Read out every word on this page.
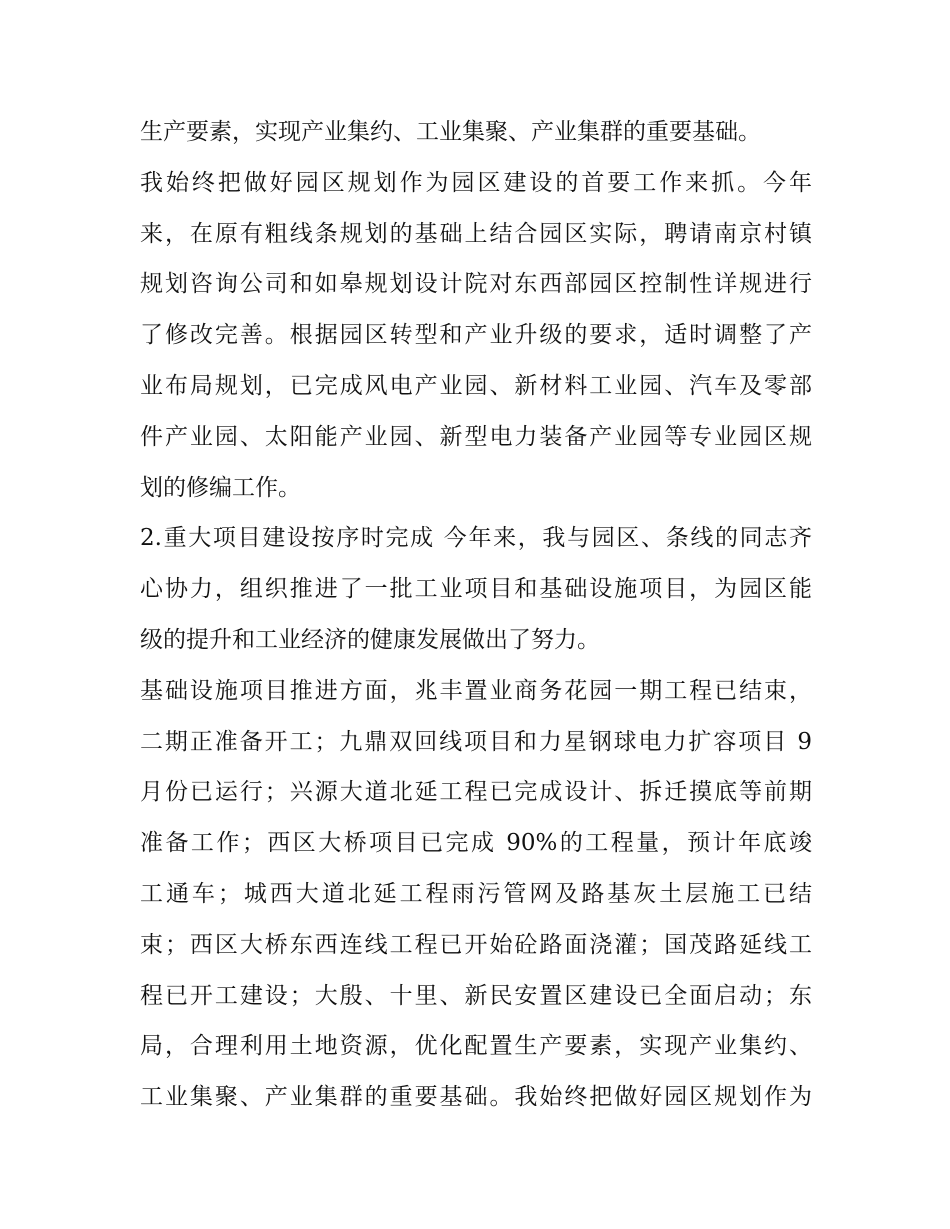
生产要素，实现产业集约、工业集聚、产业集群的重要基础。
我始终把做好园区规划作为园区建设的首要工作来抓。今年
来，在原有粗线条规划的基础上结合园区实际，聘请南京村镇
规划咨询公司和如皋规划设计院对东西部园区控制性详规进行
了修改完善。根据园区转型和产业升级的要求，适时调整了产
业布局规划，已完成风电产业园、新材料工业园、汽车及零部
件产业园、太阳能产业园、新型电力装备产业园等专业园区规
划的修编工作。
2.重大项目建设按序时完成 今年来，我与园区、条线的同志齐
心协力，组织推进了一批工业项目和基础设施项目，为园区能
级的提升和工业经济的健康发展做出了努力。
基础设施项目推进方面，兆丰置业商务花园一期工程已结束，
二期正准备开工；九鼎双回线项目和力星钢球电力扩容项目 9
月份已运行；兴源大道北延工程已完成设计、拆迁摸底等前期
准备工作；西区大桥项目已完成 90%的工程量，预计年底竣
工通车；城西大道北延工程雨污管网及路基灰土层施工已结
束；西区大桥东西连线工程已开始砼路面浇灌；国茂路延线工
程已开工建设；大殷、十里、新民安置区建设已全面启动；东
局，合理利用土地资源，优化配置生产要素，实现产业集约、
工业集聚、产业集群的重要基础。我始终把做好园区规划作为
